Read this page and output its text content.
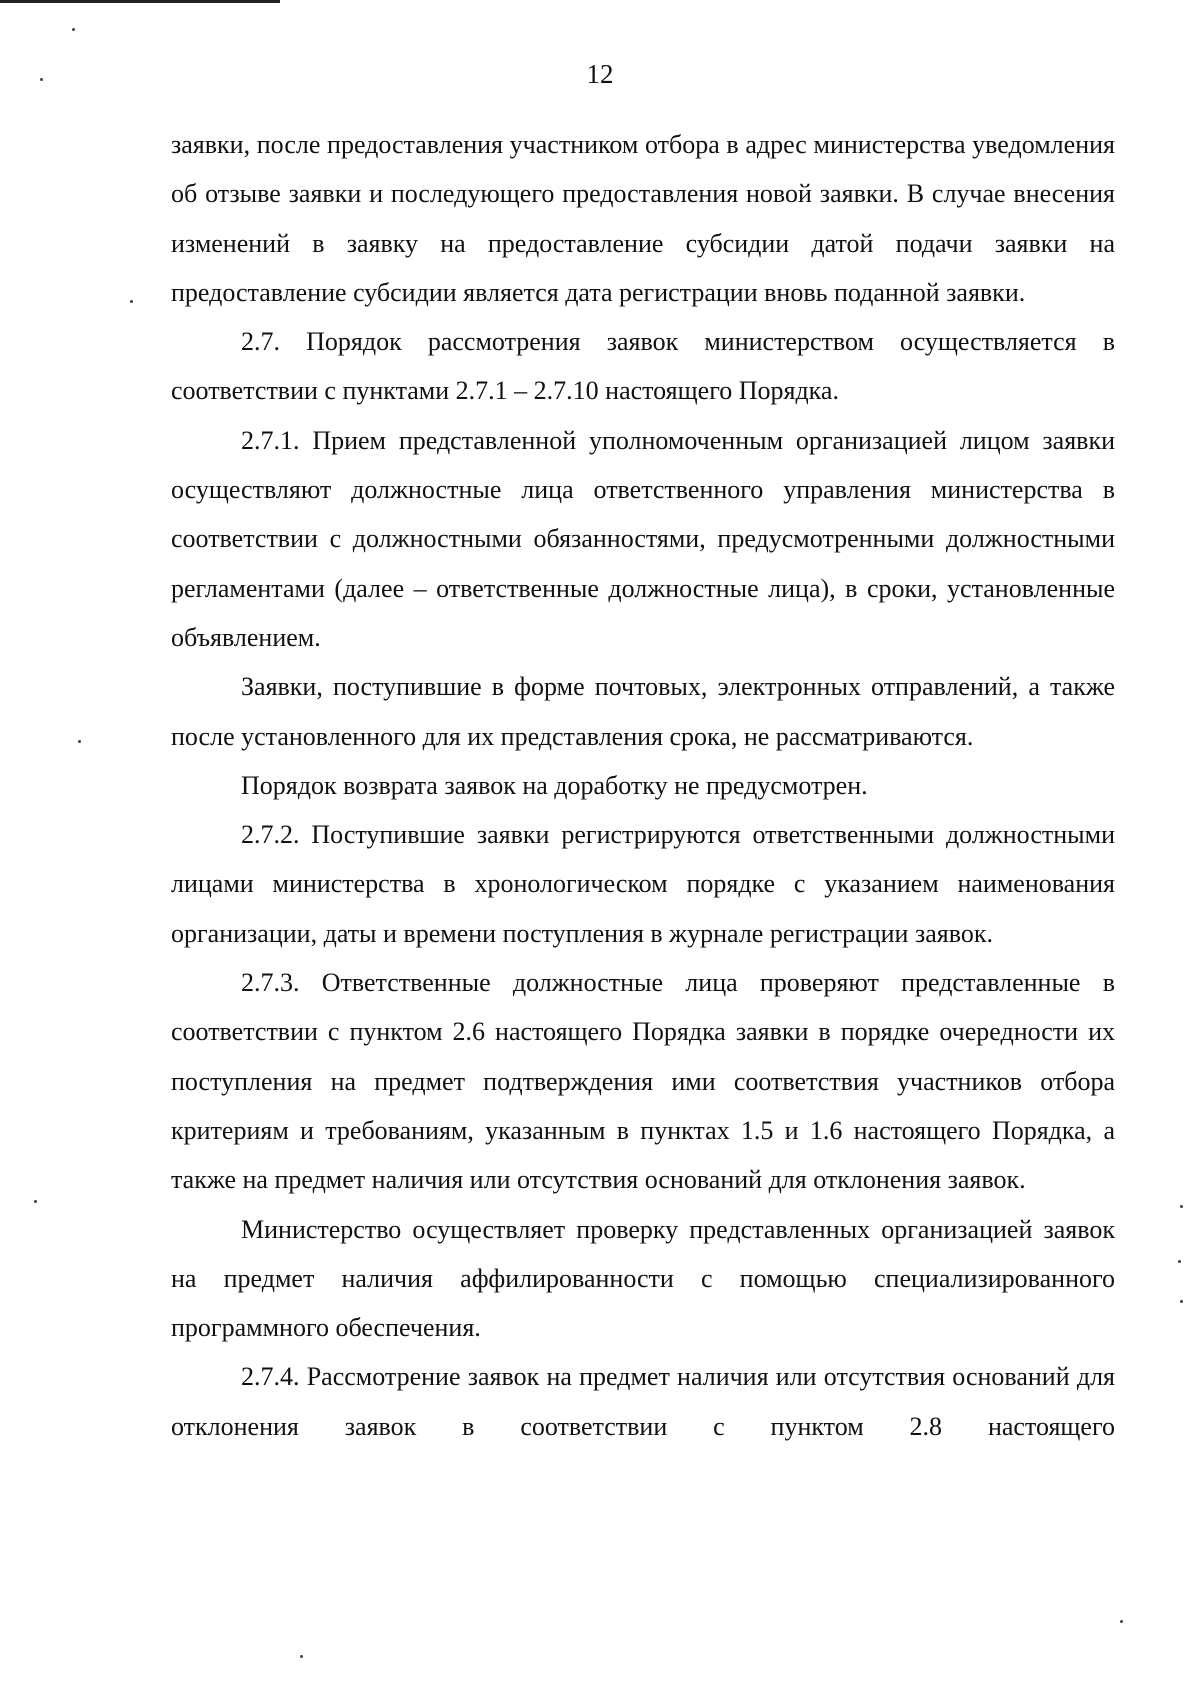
12

заявки, после предоставления участником отбора в адрес министерства уведомления об отзыве заявки и последующего предоставления новой заявки. В случае внесения изменений в заявку на предоставление субсидии датой подачи заявки на предоставление субсидии является дата регистрации вновь поданной заявки.

2.7. Порядок рассмотрения заявок министерством осуществляется в соответствии с пунктами 2.7.1 – 2.7.10 настоящего Порядка.

2.7.1. Прием представленной уполномоченным организацией лицом заявки осуществляют должностные лица ответственного управления министерства в соответствии с должностными обязанностями, предусмотренными должностными регламентами (далее – ответственные должностные лица), в сроки, установленные объявлением.

Заявки, поступившие в форме почтовых, электронных отправлений, а также после установленного для их представления срока, не рассматриваются.

Порядок возврата заявок на доработку не предусмотрен.

2.7.2. Поступившие заявки регистрируются ответственными должностными лицами министерства в хронологическом порядке с указанием наименования организации, даты и времени поступления в журнале регистрации заявок.

2.7.3. Ответственные должностные лица проверяют представленные в соответствии с пунктом 2.6 настоящего Порядка заявки в порядке очередности их поступления на предмет подтверждения ими соответствия участников отбора критериям и требованиям, указанным в пунктах 1.5 и 1.6 настоящего Порядка, а также на предмет наличия или отсутствия оснований для отклонения заявок.

Министерство осуществляет проверку представленных организацией заявок на предмет наличия аффилированности с помощью специализированного программного обеспечения.

2.7.4. Рассмотрение заявок на предмет наличия или отсутствия оснований для отклонения заявок в соответствии с пунктом 2.8 настоящего
